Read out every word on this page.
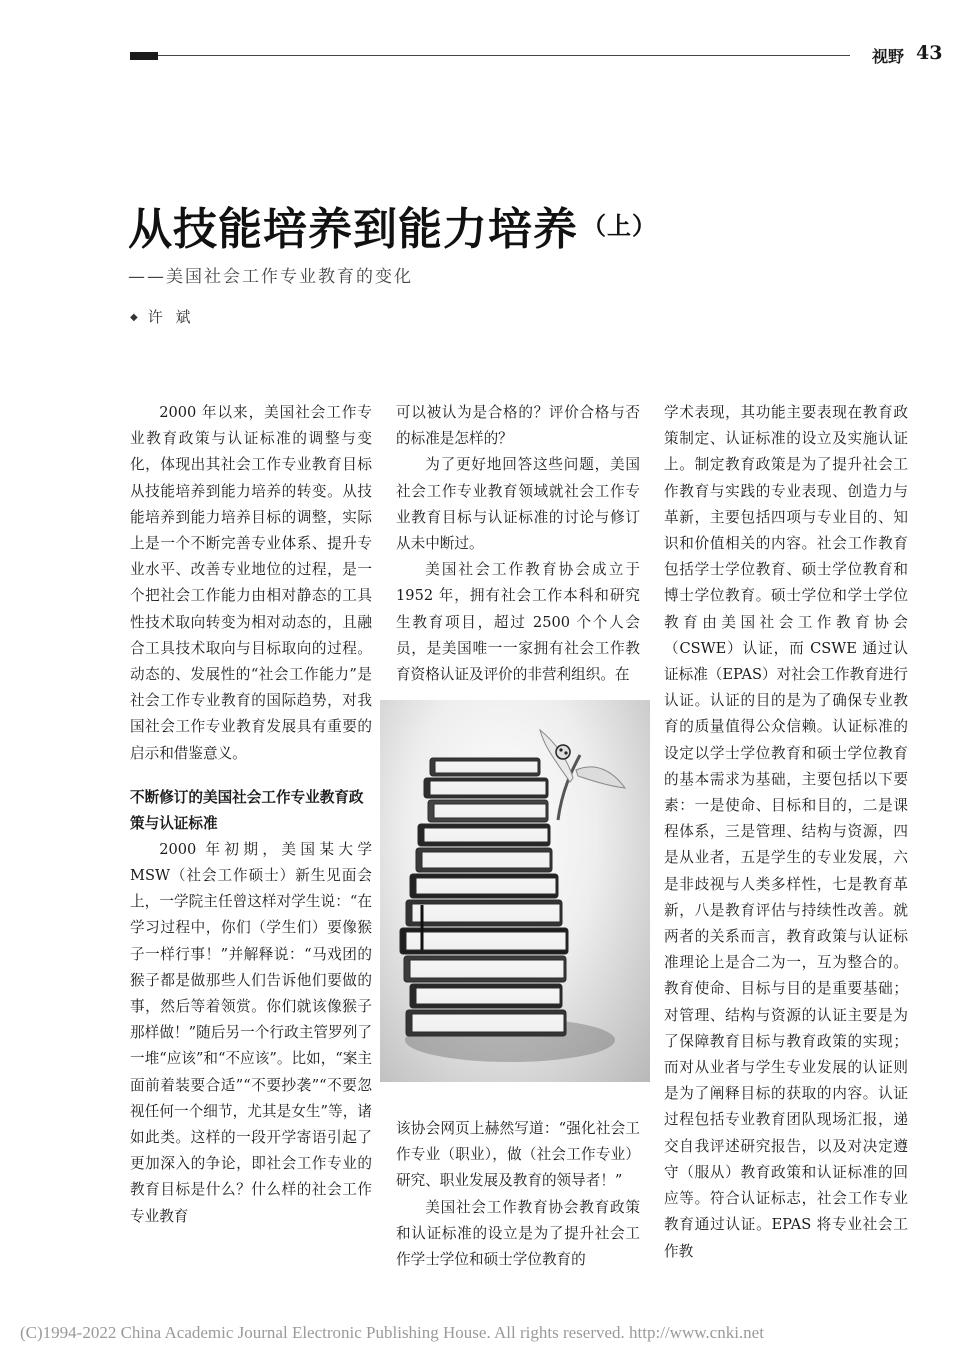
视野 43
从技能培养到能力培养 $^{(上)}$
——美国社会工作专业教育的变化
◆ 许 斌

2000 年以来，美国社会工作专业教育政策与认证标准的调整与变化，体现出其社会工作专业教育目标从技能培养到能力培养的转变。从技能培养到能力培养目标的调整，实际上是一个不断完善专业体系、提升专业水平、改善专业地位的过程，是一个把社会工作能力由相对静态的工具性技术取向转变为相对动态的，且融合工具技术取向与目标取向的过程。动态的、发展性的“社会工作能力”是社会工作专业教育的国际趋势，对我国社会工作专业教育发展具有重要的启示和借鉴意义。

不断修订的美国社会工作专业教育政策与认证标准

2000 年初期，美国某大学 MSW（社会工作硕士）新生见面会上，一学院主任曾这样对学生说：“在学习过程中，你们（学生们）要像猴子一样行事！”并解释说：“马戏团的猴子都是做那些人们告诉他们要做的事，然后等着领赏。你们就该像猴子那样做！”随后另一个行政主管罗列了一堆“应该”和“不应该”。比如，“案主面前着装要合适”“不要抄袭”“不要忽视任何一个细节，尤其是女生”等，诸如此类。这样的一段开学寄语引起了更加深入的争论，即社会工作专业的教育目标是什么？什么样的社会工作专业教育

可以被认为是合格的？评价合格与否的标准是怎样的？

为了更好地回答这些问题，美国社会工作专业教育领域就社会工作专业教育目标与认证标准的讨论与修订从未中断过。

美国社会工作教育协会成立于 1952 年，拥有社会工作本科和研究生教育项目，超过 2500 个个人会员，是美国唯一一家拥有社会工作教育资格认证及评价的非营利组织。在

该协会网页上赫然写道：“强化社会工作专业（职业），做（社会工作专业）研究、职业发展及教育的领导者！”

美国社会工作教育协会教育政策和认证标准的设立是为了提升社会工作学士学位和硕士学位教育的

学术表现，其功能主要表现在教育政策制定、认证标准的设立及实施认证上。制定教育政策是为了提升社会工作教育与实践的专业表现、创造力与革新，主要包括四项与专业目的、知识和价值相关的内容。社会工作教育包括学士学位教育、硕士学位教育和博士学位教育。硕士学位和学士学位教育由美国社会工作教育协会（CSWE）认证，而 CSWE 通过认证标准（EPAS）对社会工作教育进行认证。认证的目的是为了确保专业教育的质量值得公众信赖。认证标准的设定以学士学位教育和硕士学位教育的基本需求为基础，主要包括以下要素：一是使命、目标和目的，二是课程体系，三是管理、结构与资源，四是从业者，五是学生的专业发展，六是非歧视与人类多样性，七是教育革新，八是教育评估与持续性改善。就两者的关系而言，教育政策与认证标准理论上是合二为一，互为整合的。教育使命、目标与目的是重要基础；对管理、结构与资源的认证主要是为了保障教育目标与教育政策的实现；而对从业者与学生专业发展的认证则是为了阐释目标的获取的内容。认证过程包括专业教育团队现场汇报，递交自我评述研究报告，以及对决定遵守（服从）教育政策和认证标准的回应等。符合认证标志，社会工作专业教育通过认证。EPAS 将专业社会工作教

(C)1994-2022 China Academic Journal Electronic Publishing House. All rights reserved. http://www.cnki.net
